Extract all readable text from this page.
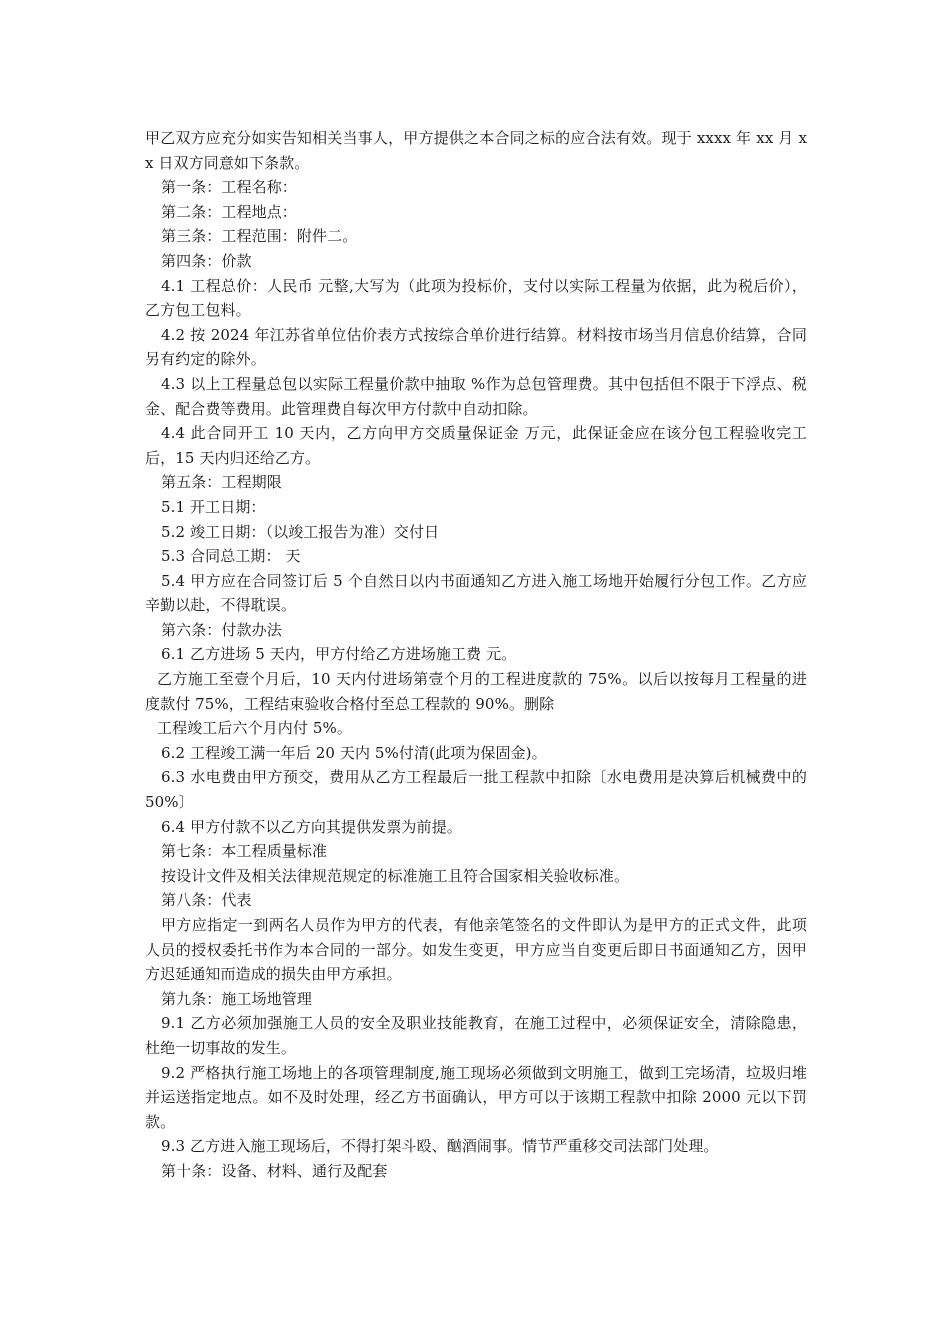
甲乙双方应充分如实告知相关当事人，甲方提供之本合同之标的应合法有效。现于 xxxx 年 xx 月 xx 日双方同意如下条款。

第一条：工程名称：

第二条：工程地点：

第三条：工程范围：附件二。

第四条：价款

4.1 工程总价：人民币 元整,大写为（此项为投标价，支付以实际工程量为依据，此为税后价），乙方包工包料。

4.2 按 2024 年江苏省单位估价表方式按综合单价进行结算。材料按市场当月信息价结算，合同另有约定的除外。

4.3 以上工程量总包以实际工程量价款中抽取 %作为总包管理费。其中包括但不限于下浮点、税金、配合费等费用。此管理费自每次甲方付款中自动扣除。

4.4 此合同开工 10 天内，乙方向甲方交质量保证金 万元，此保证金应在该分包工程验收完工后，15 天内归还给乙方。

第五条：工程期限

5.1 开工日期：

5.2 竣工日期：（以竣工报告为准）交付日

5.3 合同总工期： 天

5.4 甲方应在合同签订后 5 个自然日以内书面通知乙方进入施工场地开始履行分包工作。乙方应辛勤以赴，不得耽误。

第六条：付款办法

6.1 乙方进场 5 天内，甲方付给乙方进场施工费 元。

乙方施工至壹个月后，10 天内付进场第壹个月的工程进度款的 75%。以后以按每月工程量的进度款付 75%，工程结束验收合格付至总工程款的 90%。删除

工程竣工后六个月内付 5%。

6.2 工程竣工满一年后 20 天内 5%付清(此项为保固金)。

6.3 水电费由甲方预交，费用从乙方工程最后一批工程款中扣除〔水电费用是决算后机械费中的 50%〕

6.4 甲方付款不以乙方向其提供发票为前提。

第七条：本工程质量标准

按设计文件及相关法律规范规定的标准施工且符合国家相关验收标准。

第八条：代表

甲方应指定一到两名人员作为甲方的代表，有他亲笔签名的文件即认为是甲方的正式文件，此项人员的授权委托书作为本合同的一部分。如发生变更，甲方应当自变更后即日书面通知乙方，因甲方迟延通知而造成的损失由甲方承担。

第九条：施工场地管理

9.1 乙方必须加强施工人员的安全及职业技能教育，在施工过程中，必须保证安全，清除隐患，杜绝一切事故的发生。

9.2 严格执行施工场地上的各项管理制度,施工现场必须做到文明施工，做到工完场清，垃圾归堆并运送指定地点。如不及时处理，经乙方书面确认，甲方可以于该期工程款中扣除 2000 元以下罚款。

9.3 乙方进入施工现场后，不得打架斗殴、酗酒闹事。情节严重移交司法部门处理。

第十条：设备、材料、通行及配套
